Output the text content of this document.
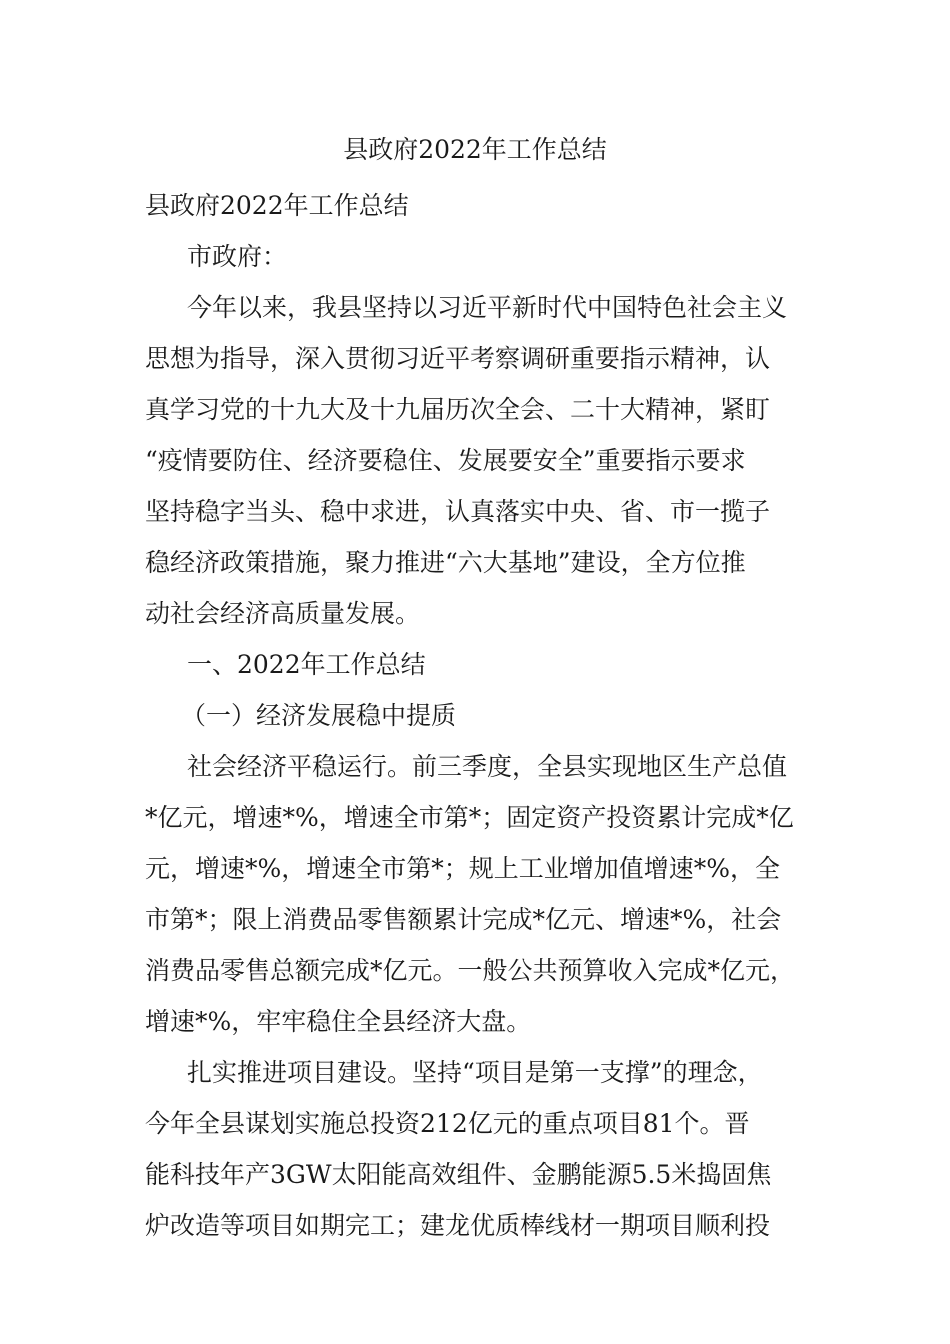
县政府2022年工作总结
县政府2022年工作总结
市政府：
今年以来，我县坚持以习近平新时代中国特色社会主义
思想为指导，深入贯彻习近平考察调研重要指示精神，认
真学习党的十九大及十九届历次全会、二十大精神，紧盯
“疫情要防住、经济要稳住、发展要安全”重要指示要求
坚持稳字当头、稳中求进，认真落实中央、省、市一揽子
稳经济政策措施，聚力推进“六大基地”建设，全方位推
动社会经济高质量发展。
一、2022年工作总结
（一）经济发展稳中提质
社会经济平稳运行。前三季度，全县实现地区生产总值
*亿元，增速*%，增速全市第*；固定资产投资累计完成*亿
元，增速*%，增速全市第*；规上工业增加值增速*%，全
市第*；限上消费品零售额累计完成*亿元、增速*%，社会
消费品零售总额完成*亿元。一般公共预算收入完成*亿元，
增速*%，牢牢稳住全县经济大盘。
扎实推进项目建设。坚持“项目是第一支撑”的理念，
今年全县谋划实施总投资212亿元的重点项目81个。晋
能科技年产3GW太阳能高效组件、金鹏能源5.5米捣固焦
炉改造等项目如期完工；建龙优质棒线材一期项目顺利投
